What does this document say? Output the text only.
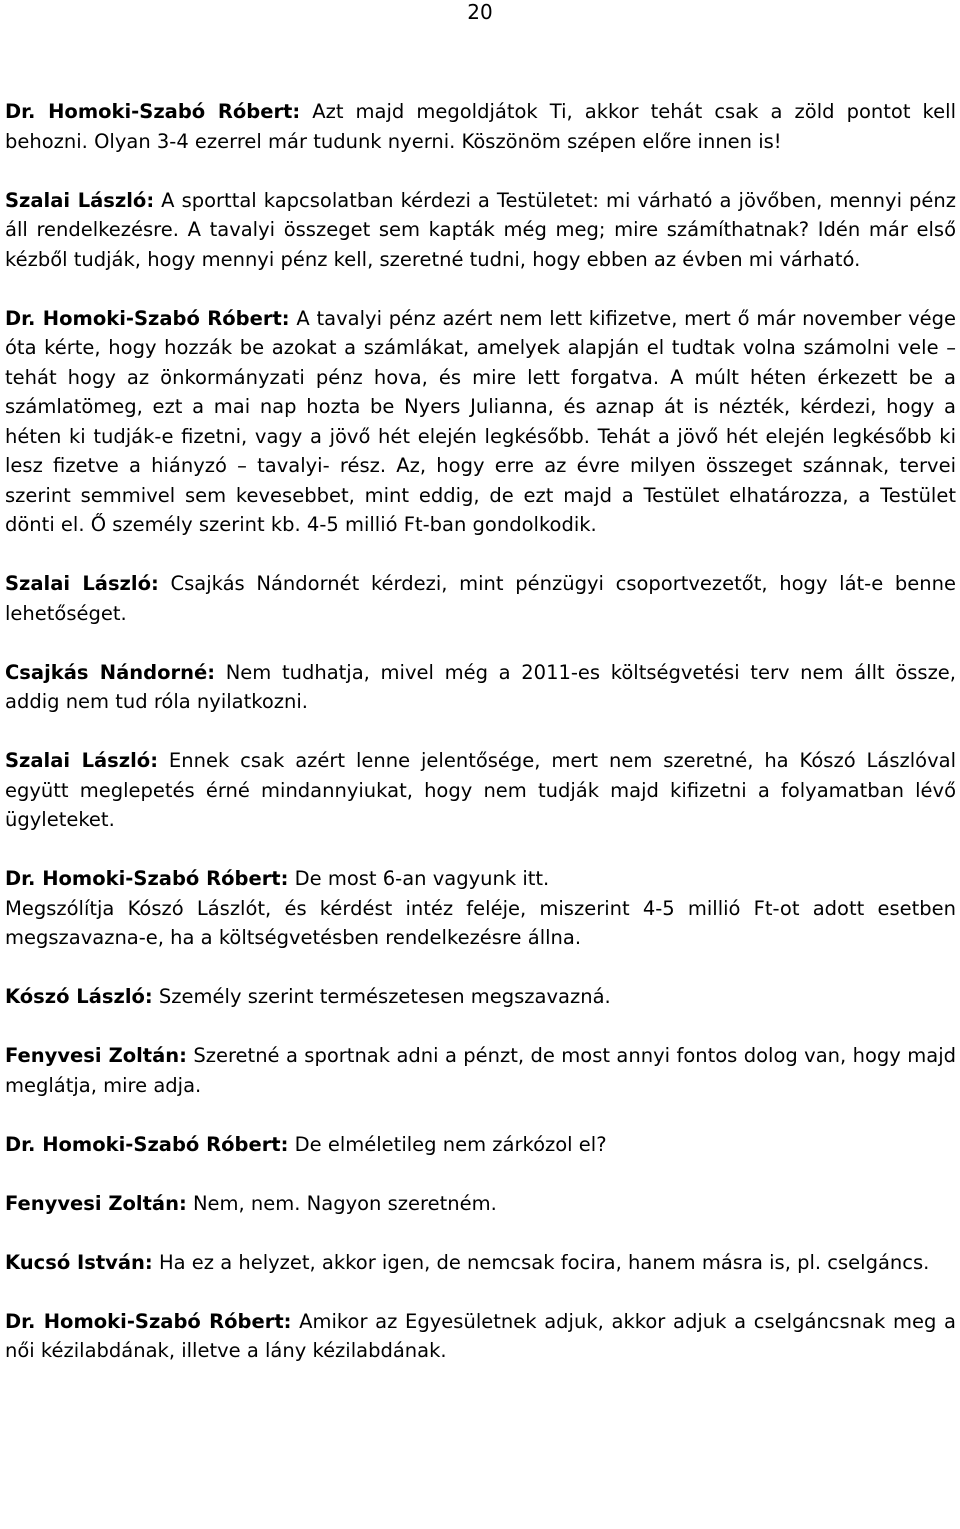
20

Dr. Homoki-Szabó Róbert: Azt majd megoldjátok Ti, akkor tehát csak a zöld pontot kell behozni. Olyan 3-4 ezerrel már tudunk nyerni. Köszönöm szépen előre innen is!

Szalai László: A sporttal kapcsolatban kérdezi a Testületet: mi várható a jövőben, mennyi pénz áll rendelkezésre. A tavalyi összeget sem kapták még meg; mire számíthatnak? Idén már első kézből tudják, hogy mennyi pénz kell, szeretné tudni, hogy ebben az évben mi várható.

Dr. Homoki-Szabó Róbert: A tavalyi pénz azért nem lett kifizetve, mert ő már november vége óta kérte, hogy hozzák be azokat a számlákat, amelyek alapján el tudtak volna számolni vele –tehát hogy az önkormányzati pénz hova, és mire lett forgatva. A múlt héten érkezett be a számlatömeg, ezt a mai nap hozta be Nyers Julianna, és aznap át is nézték, kérdezi, hogy a héten ki tudják-e fizetni, vagy a jövő hét elején legkésőbb. Tehát a jövő hét elején legkésőbb ki lesz fizetve a hiányzó – tavalyi- rész. Az, hogy erre az évre milyen összeget szánnak, tervei szerint semmivel sem kevesebbet, mint eddig, de ezt majd a Testület elhatározza, a Testület dönti el. Ő személy szerint kb. 4-5 millió Ft-ban gondolkodik.

Szalai László: Csajkás Nándornét kérdezi, mint pénzügyi csoportvezetőt, hogy lát-e benne lehetőséget.

Csajkás Nándorné: Nem tudhatja, mivel még a 2011-es költségvetési terv nem állt össze, addig nem tud róla nyilatkozni.

Szalai László: Ennek csak azért lenne jelentősége, mert nem szeretné, ha Kószó Lászlóval együtt meglepetés érné mindannyiukat, hogy nem tudják majd kifizetni a folyamatban lévő ügyleteket.

Dr. Homoki-Szabó Róbert: De most 6-an vagyunk itt.

Megszólítja Kószó Lászlót, és kérdést intéz feléje, miszerint 4-5 millió Ft-ot adott esetben megszavazna-e, ha a költségvetésben rendelkezésre állna.

Kószó László: Személy szerint természetesen megszavazná.

Fenyvesi Zoltán: Szeretné a sportnak adni a pénzt, de most annyi fontos dolog van, hogy majd meglátja, mire adja.

Dr. Homoki-Szabó Róbert: De elméletileg nem zárkózol el?

Fenyvesi Zoltán: Nem, nem. Nagyon szeretném.

Kucsó István: Ha ez a helyzet, akkor igen, de nemcsak focira, hanem másra is, pl. cselgáncs.

Dr. Homoki-Szabó Róbert: Amikor az Egyesületnek adjuk, akkor adjuk a cselgáncsnak meg a női kézilabdának, illetve a lány kézilabdának.
